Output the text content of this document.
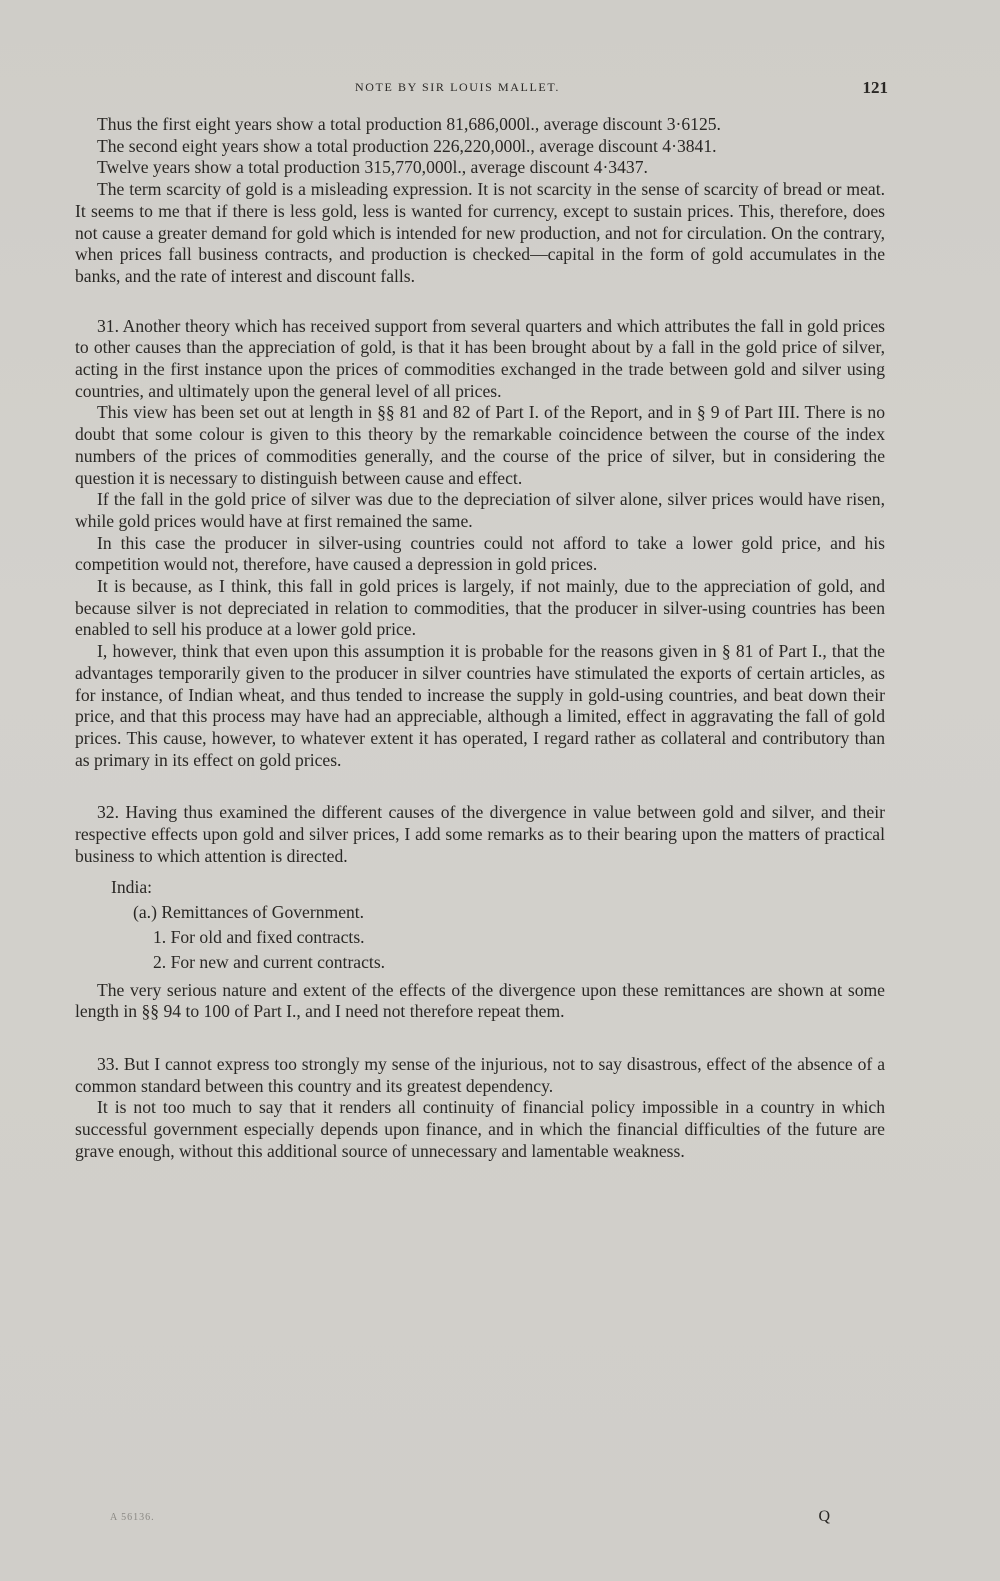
NOTE BY SIR LOUIS MALLET.	121

Thus the first eight years show a total production 81,686,000l., average discount 3·6125.

The second eight years show a total production 226,220,000l., average discount 4·3841.

Twelve years show a total production 315,770,000l., average discount 4·3437.

The term scarcity of gold is a misleading expression. It is not scarcity in the sense of scarcity of bread or meat. It seems to me that if there is less gold, less is wanted for currency, except to sustain prices. This, therefore, does not cause a greater demand for gold which is intended for new production, and not for circulation. On the contrary, when prices fall business contracts, and production is checked—capital in the form of gold accumulates in the banks, and the rate of interest and discount falls.

31. Another theory which has received support from several quarters and which attributes the fall in gold prices to other causes than the appreciation of gold, is that it has been brought about by a fall in the gold price of silver, acting in the first instance upon the prices of commodities exchanged in the trade between gold and silver using countries, and ultimately upon the general level of all prices.

This view has been set out at length in §§ 81 and 82 of Part I. of the Report, and in § 9 of Part III. There is no doubt that some colour is given to this theory by the remarkable coincidence between the course of the index numbers of the prices of commodities generally, and the course of the price of silver, but in considering the question it is necessary to distinguish between cause and effect.

If the fall in the gold price of silver was due to the depreciation of silver alone, silver prices would have risen, while gold prices would have at first remained the same.

In this case the producer in silver-using countries could not afford to take a lower gold price, and his competition would not, therefore, have caused a depression in gold prices.

It is because, as I think, this fall in gold prices is largely, if not mainly, due to the appreciation of gold, and because silver is not depreciated in relation to commodities, that the producer in silver-using countries has been enabled to sell his produce at a lower gold price.

I, however, think that even upon this assumption it is probable for the reasons given in § 81 of Part I., that the advantages temporarily given to the producer in silver countries have stimulated the exports of certain articles, as for instance, of Indian wheat, and thus tended to increase the supply in gold-using countries, and beat down their price, and that this process may have had an appreciable, although a limited, effect in aggravating the fall of gold prices. This cause, however, to whatever extent it has operated, I regard rather as collateral and contributory than as primary in its effect on gold prices.

32. Having thus examined the different causes of the divergence in value between gold and silver, and their respective effects upon gold and silver prices, I add some remarks as to their bearing upon the matters of practical business to which attention is directed.

India:
(a.) Remittances of Government.
1. For old and fixed contracts.
2. For new and current contracts.

The very serious nature and extent of the effects of the divergence upon these remittances are shown at some length in §§ 94 to 100 of Part I., and I need not therefore repeat them.

33. But I cannot express too strongly my sense of the injurious, not to say disastrous, effect of the absence of a common standard between this country and its greatest dependency.

It is not too much to say that it renders all continuity of financial policy impossible in a country in which successful government especially depends upon finance, and in which the financial difficulties of the future are grave enough, without this additional source of unnecessary and lamentable weakness.

A 56136.	Q
